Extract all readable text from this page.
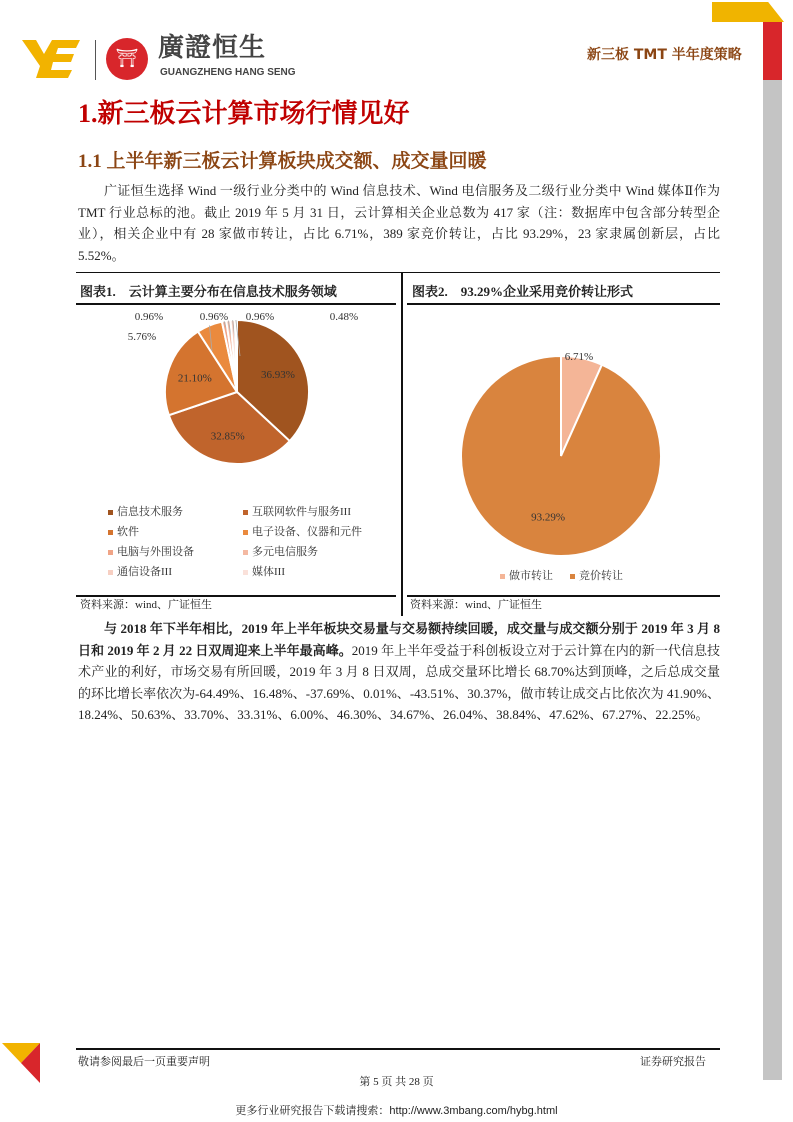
⛩ 廣證恒生
GUANGZHENG HANG SENG
新三板 TMT 半年度策略
1.新三板云计算市场行情见好
1.1 上半年新三板云计算板块成交额、成交量回暖
广证恒生选择 Wind 一级行业分类中的 Wind 信息技术、Wind 电信服务及二级行业分类中 Wind 媒体Ⅱ作为 TMT 行业总标的池。截止 2019 年 5 月 31 日，云计算相关企业总数为 417 家（注：数据库中包含部分转型企业），相关企业中有 28 家做市转让，占比 6.71%，389 家竞价转让，占比 93.29%，23 家隶属创新层，占比 5.52%。
图表1. 云计算主要分布在信息技术服务领域	图表2. 93.29%企业采用竞价转让形式
36.93%
32.85%
21.10%
5.76%
0.96%	0.96% 0.96%	0.48%
6.71%
93.29%
信息技术服务	互联网软件与服务III
软件	电子设备、仪器和元件
电脑与外围设备	多元电信服务
通信设备III	媒体III	做市转让	竞价转让
资料来源：wind、广证恒生	资料来源：wind、广证恒生
与 2018 年下半年相比，2019 年上半年板块交易量与交易额持续回暖，成交量与成交额分别于 2019 年 3 月 8 日和 2019 年 2 月 22 日双周迎来上半年最高峰。2019 年上半年受益于科创板设立对于云计算在内的新一代信息技术产业的利好，市场交易有所回暖，2019 年 3 月 8 日双周，总成交量环比增长 68.70%达到顶峰，之后总成交量的环比增长率依次为-64.49%、16.48%、-37.69%、0.01%、-43.51%、30.37%，做市转让成交占比依次为 41.90%、18.24%、50.63%、33.70%、33.31%、6.00%、46.30%、34.67%、26.04%、38.84%、47.62%、67.27%、22.25%。
敬请参阅最后一页重要声明	证券研究报告
第 5 页 共 28 页
更多行业研究报告下载请搜索：http://www.3mbang.com/hybg.html
